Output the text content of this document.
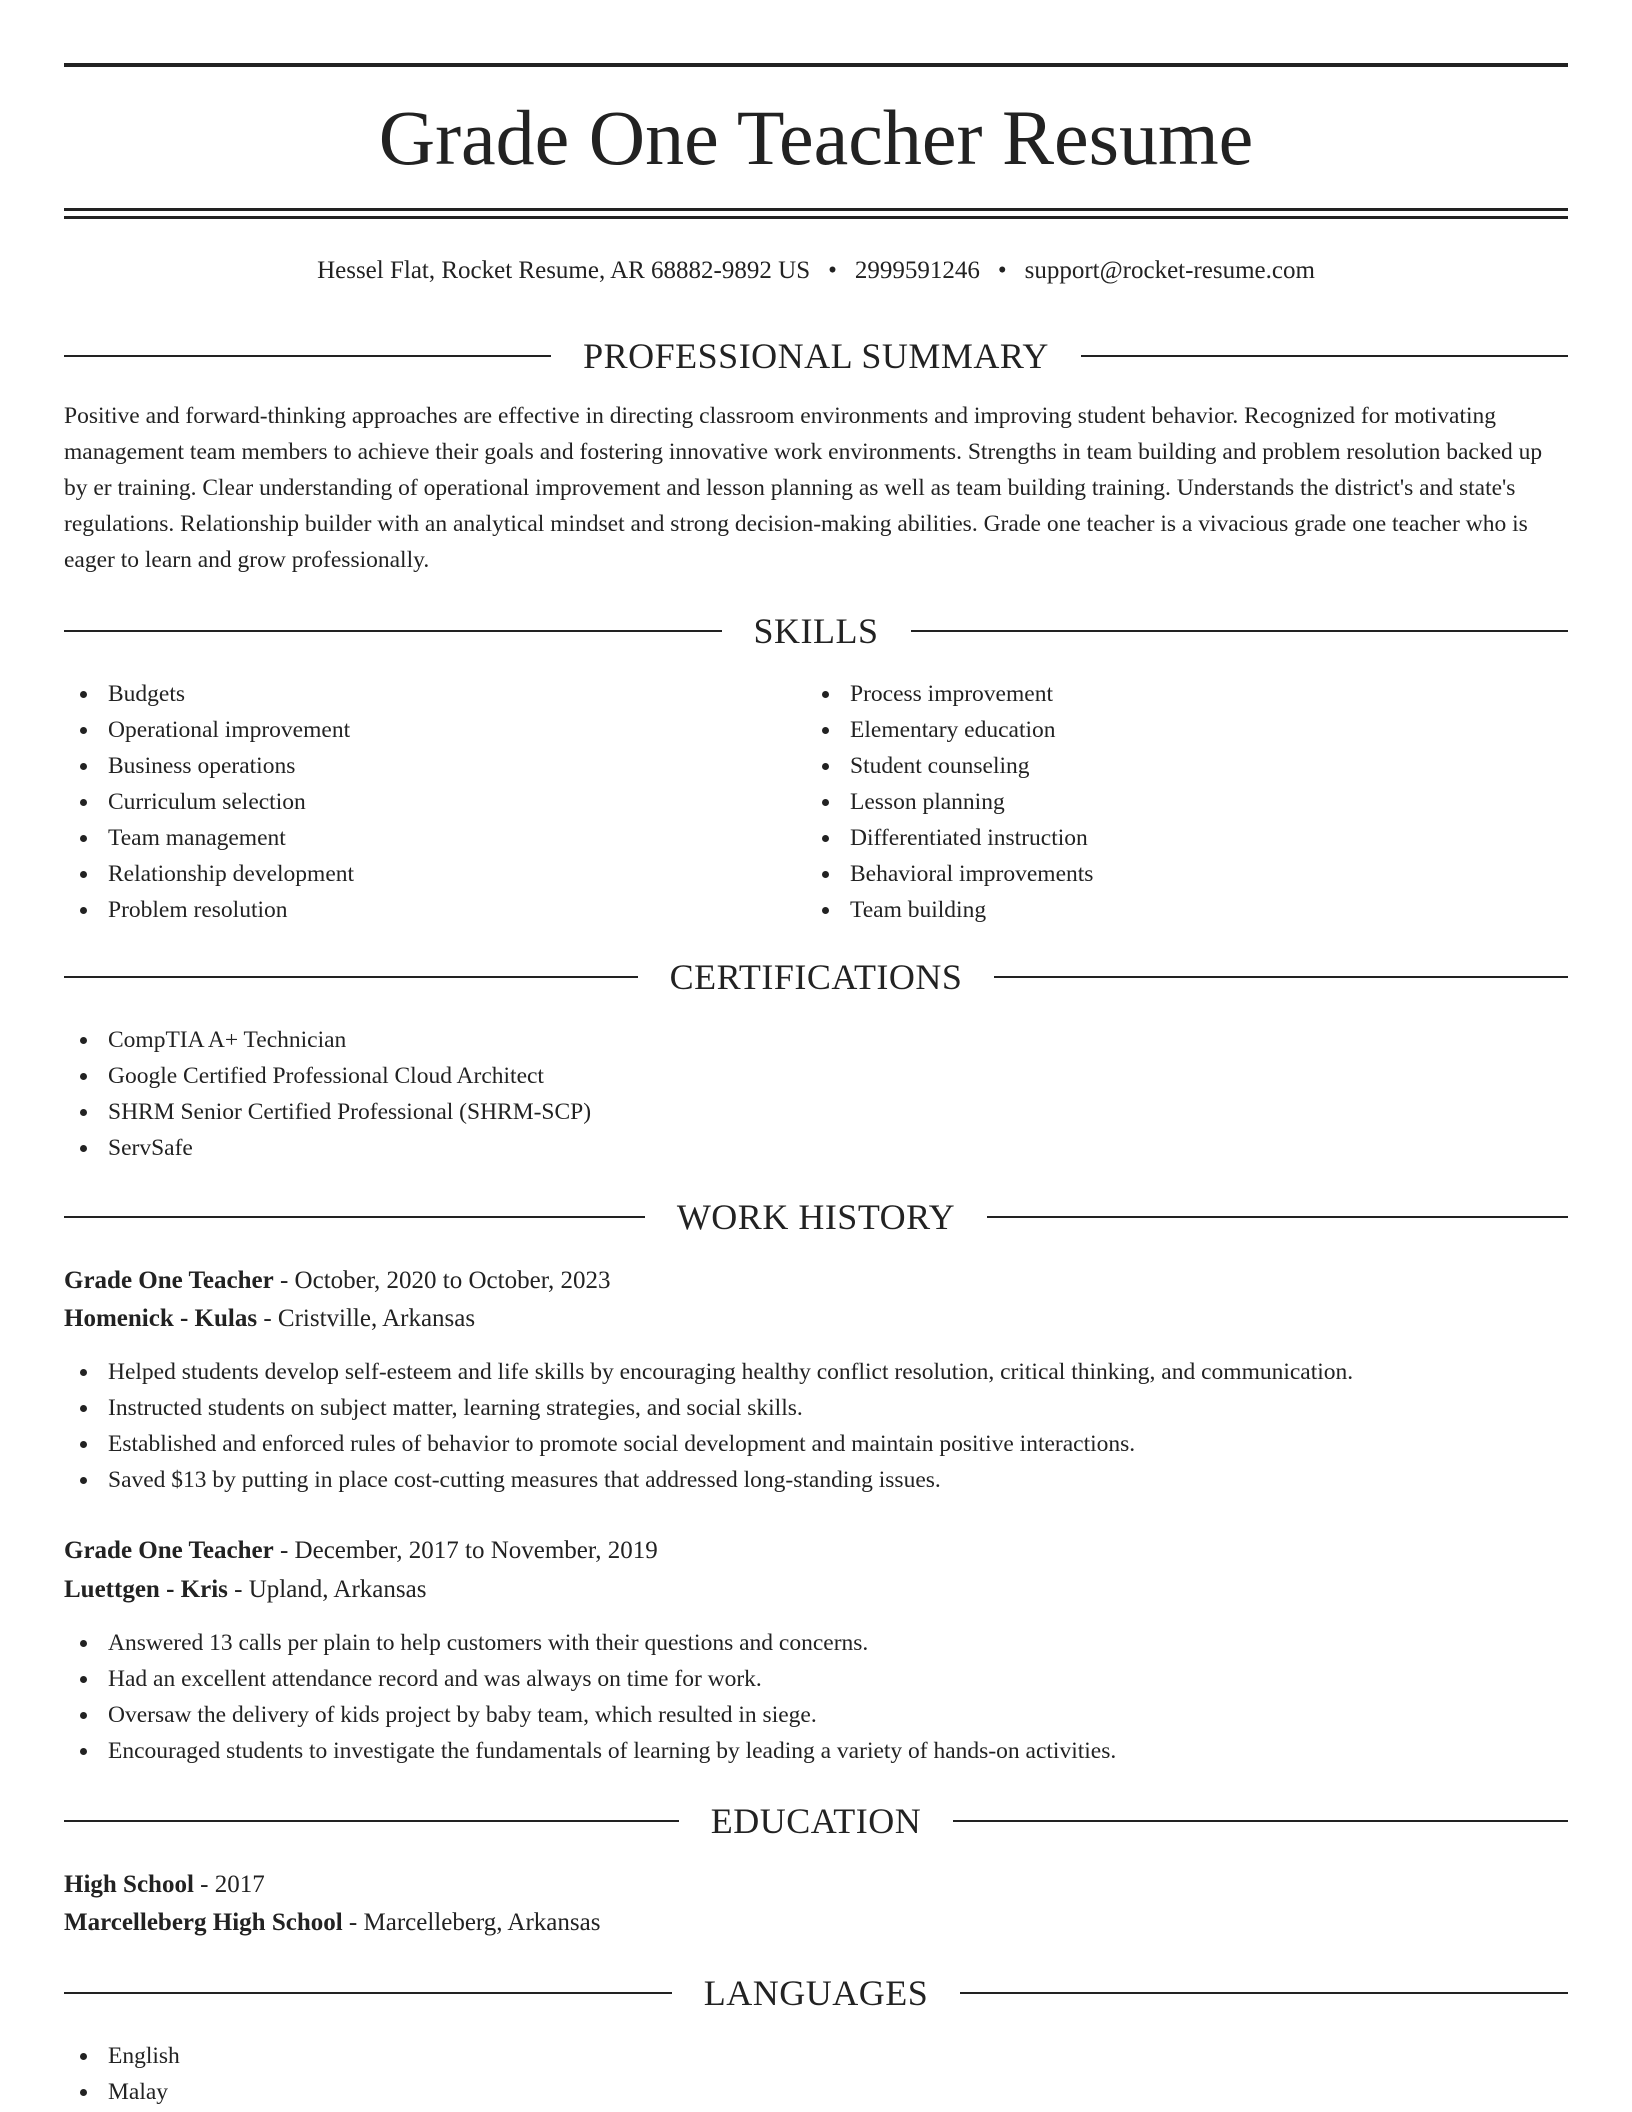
Grade One Teacher Resume
Hessel Flat, Rocket Resume, AR 68882-9892 US • 2999591246 • support@rocket-resume.com
PROFESSIONAL SUMMARY

Positive and forward-thinking approaches are effective in directing classroom environments and improving student behavior. Recognized for motivating management team members to achieve their goals and fostering innovative work environments. Strengths in team building and problem resolution backed up by er training. Clear understanding of operational improvement and lesson planning as well as team building training. Understands the district's and state's regulations. Relationship builder with an analytical mindset and strong decision-making abilities. Grade one teacher is a vivacious grade one teacher who is eager to learn and grow professionally.

SKILLS
Budgets
Operational improvement
Business operations
Curriculum selection
Team management
Relationship development
Problem resolution
Process improvement
Elementary education
Student counseling
Lesson planning
Differentiated instruction
Behavioral improvements
Team building
CERTIFICATIONS
CompTIA A+ Technician
Google Certified Professional Cloud Architect
SHRM Senior Certified Professional (SHRM-SCP)
ServSafe
WORK HISTORY
Grade One Teacher - October, 2020 to October, 2023
Homenick - Kulas - Cristville, Arkansas
Helped students develop self-esteem and life skills by encouraging healthy conflict resolution, critical thinking, and communication.
Instructed students on subject matter, learning strategies, and social skills.
Established and enforced rules of behavior to promote social development and maintain positive interactions.
Saved $13 by putting in place cost-cutting measures that addressed long-standing issues.
Grade One Teacher - December, 2017 to November, 2019
Luettgen - Kris - Upland, Arkansas
Answered 13 calls per plain to help customers with their questions and concerns.
Had an excellent attendance record and was always on time for work.
Oversaw the delivery of kids project by baby team, which resulted in siege.
Encouraged students to investigate the fundamentals of learning by leading a variety of hands-on activities.
EDUCATION
High School - 2017
Marcelleberg High School - Marcelleberg, Arkansas
LANGUAGES
English
Malay
